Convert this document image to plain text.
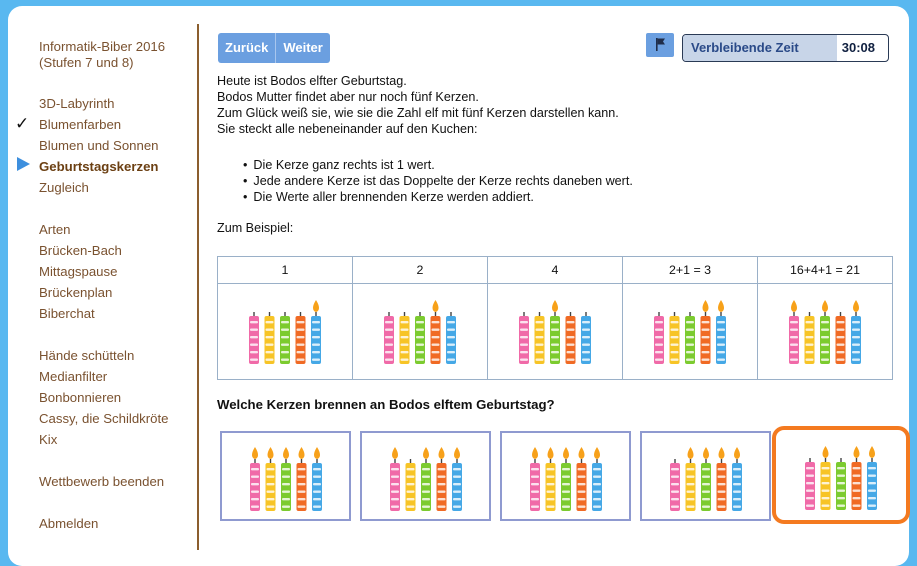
Informatik-Biber 2016
(Stufen 7 und 8)
3D-Labyrinth
✓ Blumenfarben
Blumen und Sonnen
Geburtstagskerzen
Zugleich
Arten
Brücken-Bach
Mittagspause
Brückenplan
Biberchat
Hände schütteln
Medianfilter
Bonbonnieren
Cassy, die Schildkröte
Kix
Wettbewerb beenden
Abmelden
Zurück	Weiter	Verbleibende Zeit	30:08
Heute ist Bodos elfter Geburtstag.
Bodos Mutter findet aber nur noch fünf Kerzen.
Zum Glück weiß sie, wie sie die Zahl elf mit fünf Kerzen darstellen kann.
Sie steckt alle nebeneinander auf den Kuchen:
• Die Kerze ganz rechts ist 1 wert.
• Jede andere Kerze ist das Doppelte der Kerze rechts daneben wert.
• Die Werte aller brennenden Kerze werden addiert.
Zum Beispiel:
1	2	4	2+1 = 3	16+4+1 = 21

Welche Kerzen brennen an Bodos elftem Geburtstag?
